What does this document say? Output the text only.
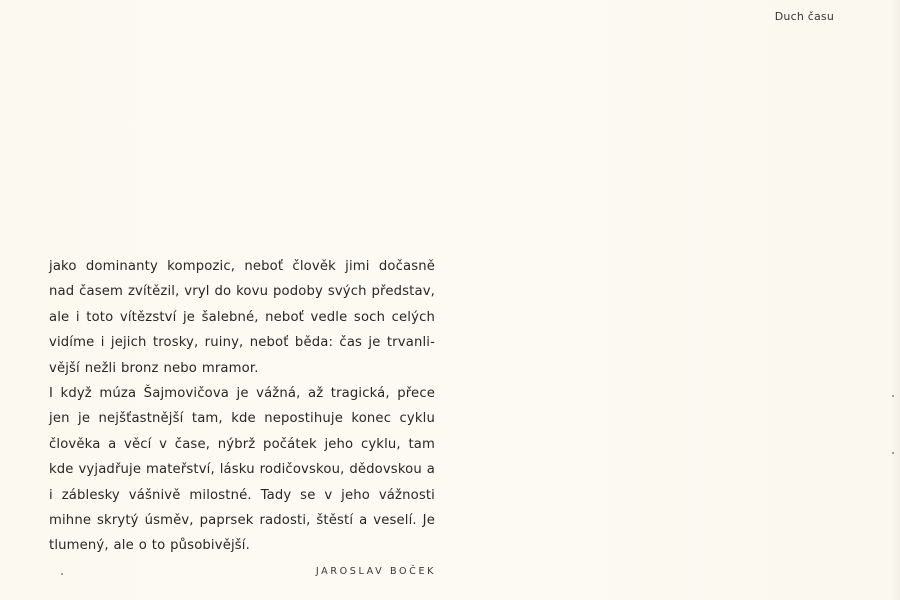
Duch času

jako dominanty kompozic, neboť člověk jimi dočasně nad časem zvítězil, vryl do kovu podoby svých představ, ale i toto vítězství je šalebné, neboť vedle soch celých vidíme i jejich trosky, ruiny, neboť běda: čas je trvanli-vější nežli bronz nebo mramor.

I když múza Šajmovičova je vážná, až tragická, přece jen je nejšťastnější tam, kde nepostihuje konec cyklu člověka a věcí v čase, nýbrž počátek jeho cyklu, tam kde vyjadřuje mateřství, lásku rodičovskou, dědovskou a i záblesky vášnivě milostné. Tady se v jeho vážnosti mihne skrytý úsměv, paprsek radosti, štěstí a veselí. Je tlumený, ale o to působivější.

JAROSLAV BOČEK
